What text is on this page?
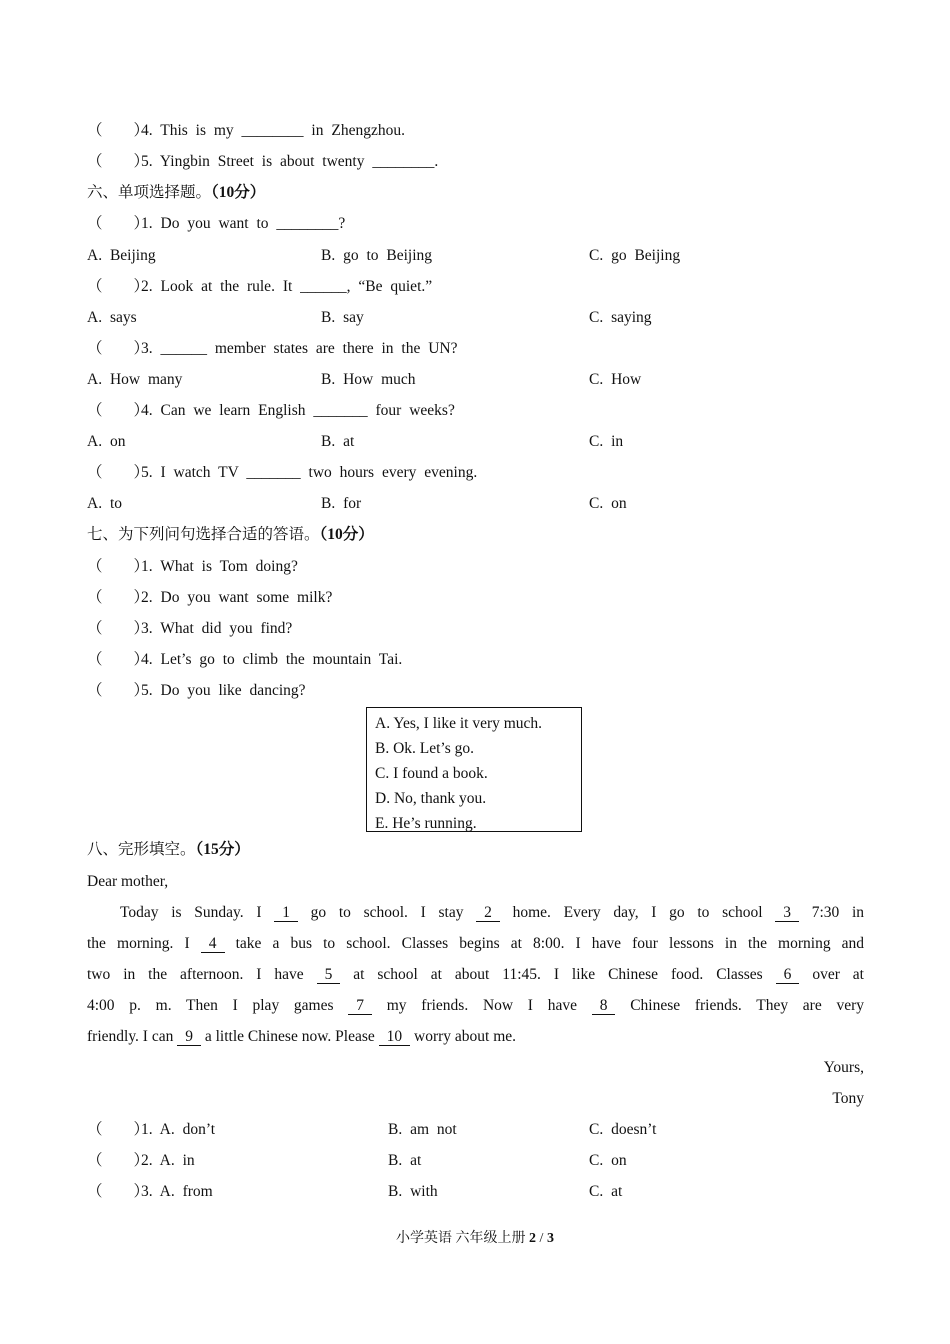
（　　）4. This is my ________ in Zhengzhou.
（　　）5. Yingbin Street is about twenty ________.
六、单项选择题。（10分）
（　　）1. Do you want to ________?
A. Beijing	B. go to Beijing	C. go Beijing
（　　）2. Look at the rule. It ______, “Be quiet.”
A. says	B. say	C. saying
（　　）3. ______ member states are there in the UN?
A. How many	B. How much	C. How
（　　）4. Can we learn English _______ four weeks?
A. on	B. at	C. in
（　　）5. I watch TV _______ two hours every evening.
A. to	B. for	C. on
七、为下列问句选择合适的答语。（10分）
（　　）1. What is Tom doing?
（　　）2. Do you want some milk?
（　　）3. What did you find?
（　　）4. Let’s go to climb the mountain Tai.
（　　）5. Do you like dancing?
A. Yes, I like it very much.
B. Ok. Let’s go.
C. I found a book.
D. No, thank you.
E. He’s running.
八、完形填空。（15分）
Dear mother,
Today is Sunday. I 1 go to school. I stay 2 home. Every day, I go to school 3 7:30 in
the morning. I 4 take a bus to school. Classes begins at 8:00. I have four lessons in the morning and
two in the afternoon. I have 5 at school at about 11:45. I like Chinese food. Classes 6 over at
4:00 p. m. Then I play games 7 my friends. Now I have 8 Chinese friends. They are very
friendly. I can 9 a little Chinese now. Please 10 worry about me.
Yours,
Tony
（　　）1. A. don’t	B. am not	C. doesn’t
（　　）2. A. in	B. at	C. on
（　　）3. A. from	B. with	C. at
小学英语 六年级上册 2 / 3
